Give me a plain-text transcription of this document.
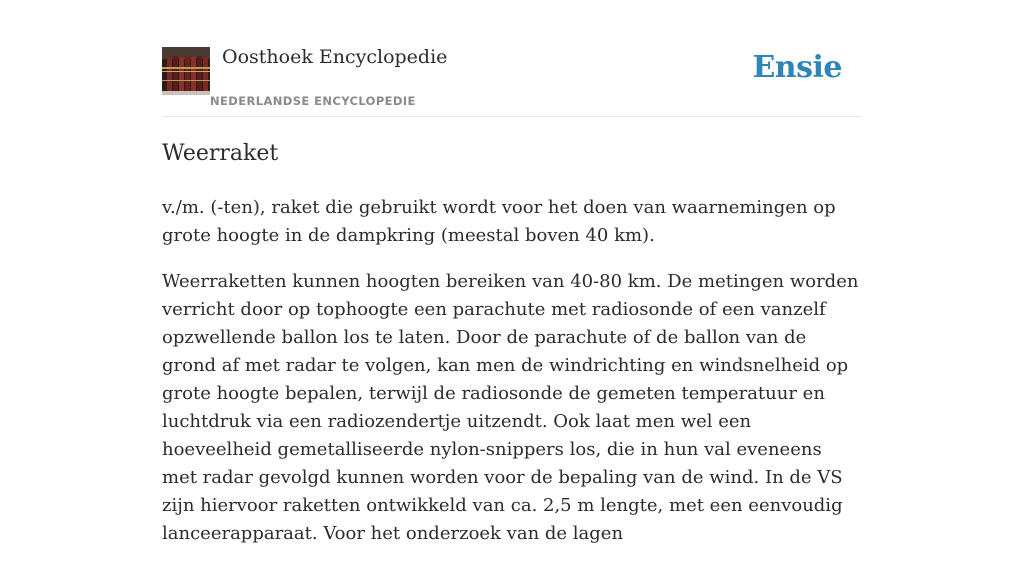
Oosthoek Encyclopedie
NEDERLANDSE ENCYCLOPEDIE
Ensie
Weerraket

v./m. (-ten), raket die gebruikt wordt voor het doen van waarnemingen op grote hoogte in de dampkring (meestal boven 40 km).

Weerraketten kunnen hoogten bereiken van 40-80 km. De metingen worden verricht door op tophoogte een parachute met radiosonde of een vanzelf opzwellende ballon los te laten. Door de parachute of de ballon van de grond af met radar te volgen, kan men de windrichting en windsnelheid op grote hoogte bepalen, terwijl de radiosonde de gemeten temperatuur en luchtdruk via een radiozendertje uitzendt. Ook laat men wel een hoeveelheid gemetalliseerde nylon-snippers los, die in hun val eveneens met radar gevolgd kunnen worden voor de bepaling van de wind. In de VS zijn hiervoor raketten ontwikkeld van ca. 2,5 m lengte, met een eenvoudig lanceerapparaat. Voor het onderzoek van de lagen
